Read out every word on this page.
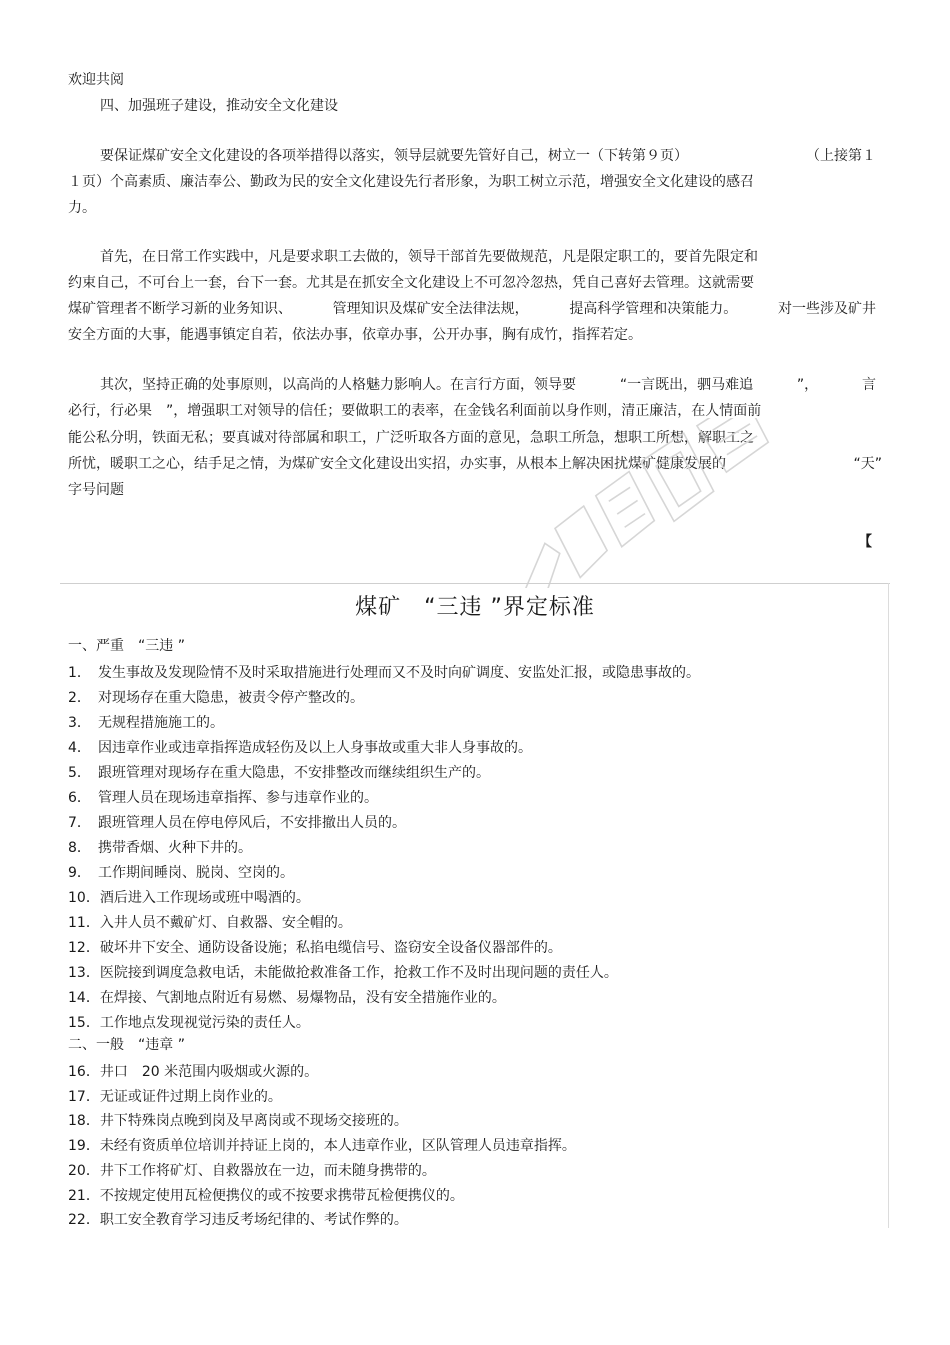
欢迎共阅
四、加强班子建设，推动安全文化建设
要保证煤矿安全文化建设的各项举措得以落实，领导层就要先管好自己，树立一（下转第９页）	（上接第１
１页）个高素质、廉洁奉公、勤政为民的安全文化建设先行者形象，为职工树立示范，增强安全文化建设的感召
力。
首先，在日常工作实践中，凡是要求职工去做的，领导干部首先要做规范，凡是限定职工的，要首先限定和
约束自己，不可台上一套，台下一套。尤其是在抓安全文化建设上不可忽冷忽热，凭自己喜好去管理。这就需要
煤矿管理者不断学习新的业务知识、	管理知识及煤矿安全法律法规，	提高科学管理和决策能力。	对一些涉及矿井
安全方面的大事，能遇事镇定自若，依法办事，依章办事，公开办事，胸有成竹，指挥若定。
其次，坚持正确的处事原则，以高尚的人格魅力影响人。在言行方面，领导要	“一言既出，驷马难追	”，	言
必行，行必果　”，增强职工对领导的信任；要做职工的表率，在金钱名利面前以身作则，清正廉洁，在人情面前
能公私分明，铁面无私；要真诚对待部属和职工，广泛听取各方面的意见，急职工所急，想职工所想，解职工之
所忧，暖职工之心，结手足之情，为煤矿安全文化建设出实招，办实事，从根本上解决困扰煤矿健康发展的	“天”
字号问题
【
煤矿　“三违 ”界定标准
一、严重　“三违 ”
1． 发生事故及发现险情不及时采取措施进行处理而又不及时向矿调度、安监处汇报，或隐患事故的。
2． 对现场存在重大隐患，被责令停产整改的。
3． 无规程措施施工的。
4． 因违章作业或违章指挥造成轻伤及以上人身事故或重大非人身事故的。
5． 跟班管理对现场存在重大隐患，不安排整改而继续组织生产的。
6． 管理人员在现场违章指挥、参与违章作业的。
7． 跟班管理人员在停电停风后，不安排撤出人员的。
8． 携带香烟、火种下井的。
9． 工作期间睡岗、脱岗、空岗的。
10．酒后进入工作现场或班中喝酒的。
11．入井人员不戴矿灯、自救器、安全帽的。
12．破坏井下安全、通防设备设施；私掐电缆信号、盗窃安全设备仪器部件的。
13．医院接到调度急救电话，未能做抢救准备工作，抢救工作不及时出现问题的责任人。
14．在焊接、气割地点附近有易燃、易爆物品，没有安全措施作业的。
15．工作地点发现视觉污染的责任人。
二、一般　“违章 ”
16．井口　20 米范围内吸烟或火源的。
17．无证或证件过期上岗作业的。
18．井下特殊岗点晚到岗及早离岗或不现场交接班的。
19．未经有资质单位培训并持证上岗的，本人违章作业，区队管理人员违章指挥。
20．井下工作将矿灯、自救器放在一边，而未随身携带的。
21．不按规定使用瓦检便携仪的或不按要求携带瓦检便携仪的。
22．职工安全教育学习违反考场纪律的、考试作弊的。
